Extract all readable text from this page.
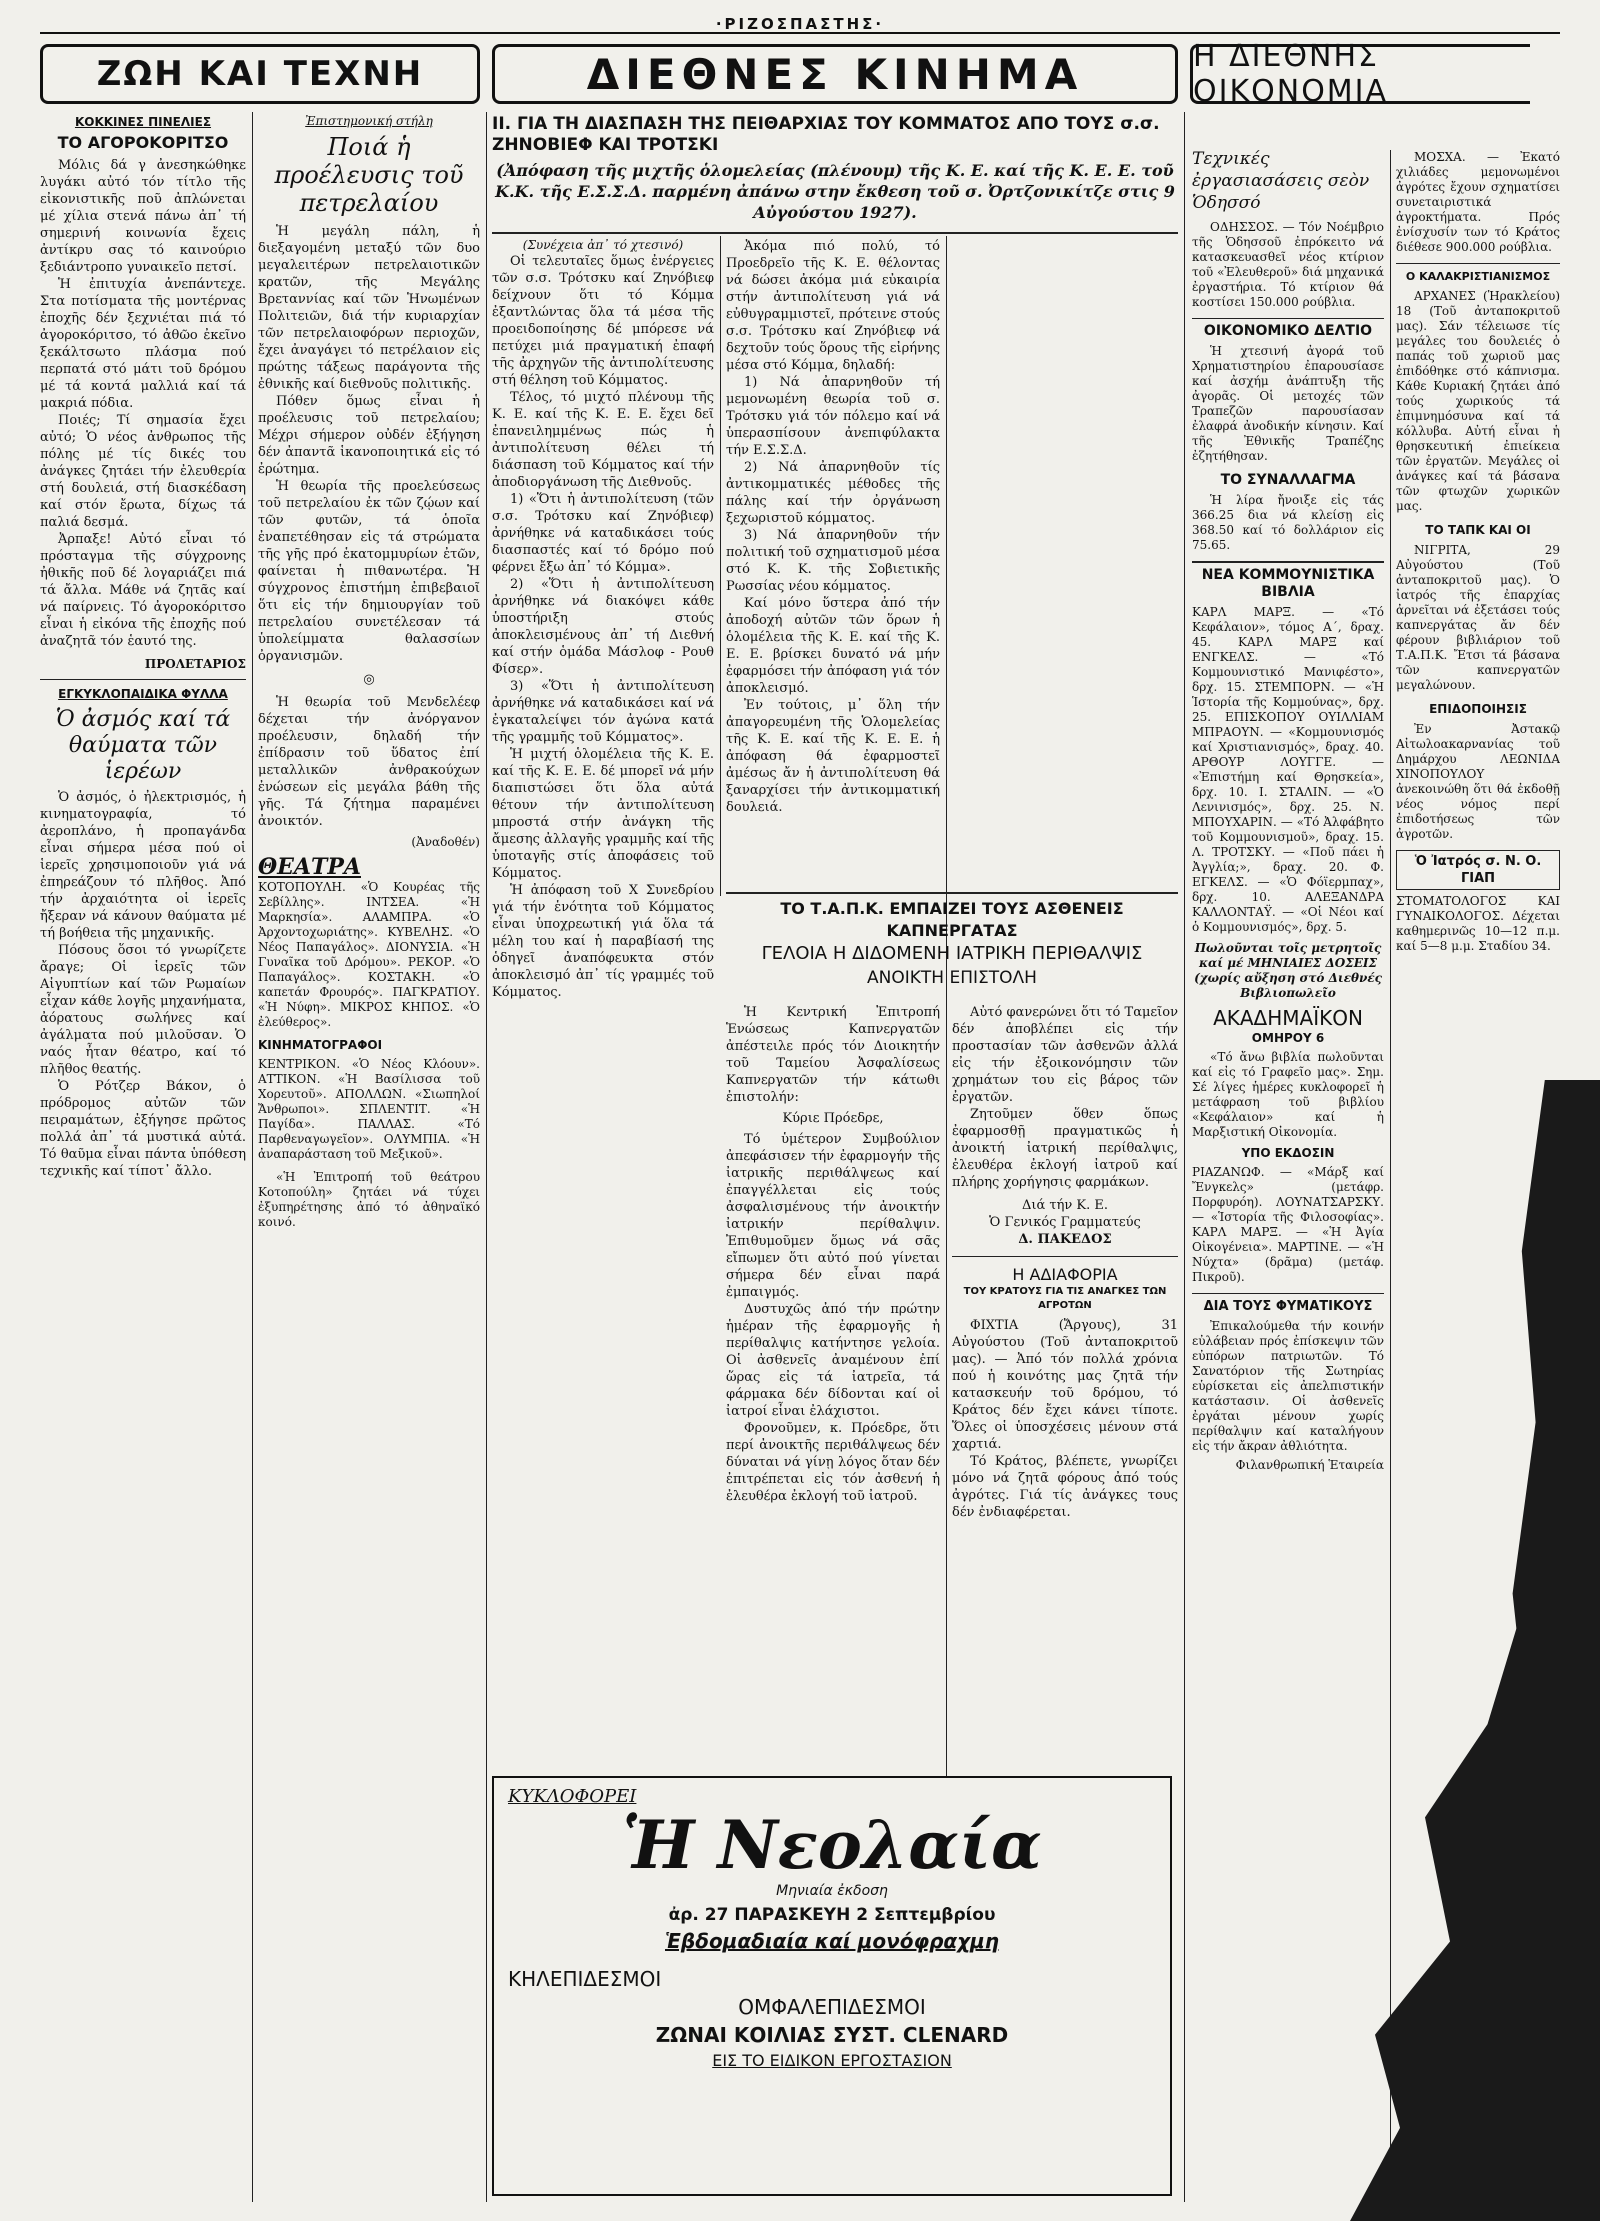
·ΡΙΖΟΣΠΑΣΤΗΣ·
ΖΩΗ ΚΑΙ ΤΕΧΝΗ	ΔΙΕΘΝΕΣ ΚΙΝΗΜΑ	Η ΔΙΕΘΝΗΣ ΟΙΚΟΝΟΜΙΑ
ΚΟΚΚΙΝΕΣ ΠΙΝΕΛΙΕΣ
ΤΟ ΑΓΟΡΟΚΟΡΙΤΣΟ

Μόλις δά γ ἀνεσηκώθηκε λυγάκι αὐτό τόν τίτλο τῆς εἰκονιστικῆς ποῦ ἀπλώνεται μέ χίλια στενά πάνω ἀπ᾿ τή σημερινή κοινωνία ἔχεις ἀντίκρυ σας τό καινούριο ξεδιάντροπο γυναικεῖο πετσί.

Ἡ ἐπιτυχία ἀνεπάντεχε. Στα ποτίσματα τῆς μοντέρνας ἐποχῆς δέν ξεχνιέται πιά τό ἀγοροκόριτσο, τό ἀθῶο ἐκεῖνο ξεκάλτσωτο πλάσμα πού περπατά στό μάτι τοῦ δρόμου μέ τά κοντά μαλλιά καί τά μακριά πόδια.

Ποιές; Τί σημασία ἔχει αὐτό; Ὁ νέος ἀνθρωπος τῆς πόλης μέ τίς δικές του ἀνάγκες ζητάει τήν ἐλευθερία στή δουλειά, στή διασκέδαση καί στόν ἔρωτα, δίχως τά παλιά δεσμά.

Ἀρπαξε! Αὐτό εἶναι τό πρόσταγμα τῆς σύγχρονης ἠθικῆς ποῦ δέ λογαριάζει πιά τά ἄλλα. Μάθε νά ζητᾶς καί νά παίρνεις. Τό ἀγοροκόριτσο εἶναι ἡ εἰκόνα τῆς ἐποχῆς πού ἀναζητᾶ τόν ἑαυτό της.

ΠΡΟΛΕΤΑΡΙΟΣ
ΕΓΚΥΚΛΟΠΑΙΔΙΚΑ ΦΥΛΛΑ
Ὁ ἀσμός καί τά θαύματα τῶν ἱερέων

Ὁ ἀσμός, ὁ ἠλεκτρισμός, ἡ κινηματογραφία, τό ἀεροπλάνο, ἡ προπαγάνδα εἶναι σήμερα μέσα πού οἱ ἱερεῖς χρησιμοποιοῦν γιά νά ἐπηρεάζουν τό πλῆθος. Ἀπό τήν ἀρχαιότητα οἱ ἱερεῖς ἤξεραν νά κάνουν θαύματα μέ τή βοήθεια τῆς μηχανικῆς.

Πόσους ὅσοι τό γνωρίζετε ἄραγε; Οἱ ἱερεῖς τῶν Αἰγυπτίων καί τῶν Ρωμαίων εἶχαν κάθε λογῆς μηχανήματα, ἀόρατους σωλήνες καί ἀγάλματα πού μιλοῦσαν. Ὁ ναός ἦταν θέατρο, καί τό πλῆθος θεατής.

Ὁ Ρότζερ Βάκον, ὁ πρόδρομος αὐτῶν τῶν πειραμάτων, ἐξήγησε πρῶτος πολλά ἀπ᾿ τά μυστικά αὐτά. Τό θαῦμα εἶναι πάντα ὑπόθεση τεχνικῆς καί τίποτ᾿ ἄλλο.

Ἐπιστημονική στήλη
Ποιά ἡ προέλευσις τοῦ πετρελαίου

Ἡ μεγάλη πάλη, ἡ διεξαγομένη μεταξύ τῶν δυο μεγαλειτέρων πετρελαιοτικῶν κρατῶν, τῆς Μεγάλης Βρεταννίας καί τῶν Ἡνωμένων Πολιτειῶν, διά τήν κυριαρχίαν τῶν πετρελαιοφόρων περιοχῶν, ἔχει ἀναγάγει τό πετρέλαιον εἰς πρώτης τάξεως παράγοντα τῆς ἐθνικῆς καί διεθνοῦς πολιτικῆς.

Πόθεν ὅμως εἶναι ἡ προέλευσις τοῦ πετρελαίου; Μέχρι σήμερον οὐδέν ἐξήγηση δέν ἀπαντᾶ ἱκανοποιητικά εἰς τό ἐρώτημα.

Ἡ θεωρία τῆς προελεύσεως τοῦ πετρελαίου ἐκ τῶν ζῴων καί τῶν φυτῶν, τά ὁποῖα ἐναπετέθησαν εἰς τά στρώματα τῆς γῆς πρό ἑκατομμυρίων ἐτῶν, φαίνεται ἡ πιθανωτέρα. Ἡ σύγχρονος ἐπιστήμη ἐπιβεβαιοῖ ὅτι εἰς τήν δημιουργίαν τοῦ πετρελαίου συνετέλεσαν τά ὑπολείμματα θαλασσίων ὀργανισμῶν.

◎

Ἡ θεωρία τοῦ Μενδελέεφ δέχεται τήν ἀνόργανον προέλευσιν, δηλαδή τήν ἐπίδρασιν τοῦ ὕδατος ἐπί μεταλλικῶν ἀνθρακούχων ἐνώσεων εἰς μεγάλα βάθη τῆς γῆς. Τά ζήτημα παραμένει ἀνοικτόν.

(Ἀναδοθέν)
ΘΕΑΤΡΑ

ΚΟΤΟΠΟΥΛΗ. «Ὁ Κουρέας τῆς Σεβίλλης». ΙΝΤΣΕΑ. «Ἡ Μαρκησία». ΑΛΑΜΠΡΑ. «Ὁ Ἀρχοντοχωριάτης». ΚΥΒΕΛΗΣ. «Ὁ Νέος Παπαγάλος». ΔΙΟΝΥΣΙΑ. «Ἡ Γυναῖκα τοῦ Δρόμου». ΡΕΚΟΡ. «Ὁ Παπαγάλος». ΚΟΣΤΑΚΗ. «Ὁ καπετάν Φρουρός». ΠΑΓΚΡΑΤΙΟΥ. «Ἡ Νύφη». ΜΙΚΡΟΣ ΚΗΠΟΣ. «Ὁ ἐλεύθερος».

ΚΙΝΗΜΑΤΟΓΡΑΦΟΙ

ΚΕΝΤΡΙΚΟΝ. «Ὁ Νέος Κλόουν». ΑΤΤΙΚΟΝ. «Ἡ Βασίλισσα τοῦ Χορευτοῦ». ΑΠΟΛΛΩΝ. «Σιωπηλοί Ἄνθρωποι». ΣΠΛΕΝΤΙΤ. «Ἡ Παγίδα». ΠΑΛΛΑΣ. «Τό Παρθεναγωγεῖον». ΟΛΥΜΠΙΑ. «Ἡ ἀναπαράσταση τοῦ Μεξικοῦ».

«Ἡ Ἐπιτροπή τοῦ θεάτρου Κοτοπούλη» ζητάει νά τύχει ἐξυπηρέτησης ἀπό τό ἀθηναϊκό κοινό.

II. ΓΙΑ ΤΗ ΔΙΑΣΠΑΣΗ ΤΗΣ ΠΕΙΘΑΡΧΙΑΣ ΤΟΥ ΚΟΜΜΑΤΟΣ ΑΠΟ ΤΟΥΣ σ.σ. ΖΗΝΟΒΙΕΦ ΚΑΙ ΤΡΟΤΣΚΙ
(Ἀπόφαση τῆς μιχτῆς ὁλομελείας (πλένουμ) τῆς Κ. Ε. καί τῆς Κ. Ε. Ε. τοῦ Κ.Κ. τῆς Ε.Σ.Σ.Δ. παρμένη ἀπάνω στην ἔκθεση τοῦ σ. Ὀρτζονικίτζε στις 9 Αὐγούστου 1927).
(Συνέχεια ἀπ᾿ τό χτεσινό)

Οἱ τελευταῖες ὅμως ἐνέργειες τῶν σ.σ. Τρότσκυ καί Ζηνόβιεφ δείχνουν ὅτι τό Κόμμα ἐξαντλώντας ὅλα τά μέσα τῆς προειδοποίησης δέ μπόρεσε νά πετύχει μιά πραγματική ἐπαφή τῆς ἀρχηγῶν τῆς ἀντιπολίτευσης στή θέληση τοῦ Κόμματος.

Τέλος, τό μιχτό πλένουμ τῆς Κ. Ε. καί τῆς Κ. Ε. Ε. ἔχει δεῖ ἐπανειλημμένως πώς ἡ ἀντιπολίτευση θέλει τή διάσπαση τοῦ Κόμματος καί τήν ἀποδιοργάνωση τῆς Διεθνοῦς.

1) «Ὅτι ἡ ἀντιπολίτευση (τῶν σ.σ. Τρότσκυ καί Ζηνόβιεφ) ἀρνήθηκε νά καταδικάσει τούς διασπαστές καί τό δρόμο πού φέρνει ἔξω ἀπ᾿ τό Κόμμα».

2) «Ὅτι ἡ ἀντιπολίτευση ἀρνήθηκε νά διακόψει κάθε ὑποστήριξη στούς ἀποκλεισμένους ἀπ᾿ τή Διεθνή καί στήν ὁμάδα Μάσλοφ - Ρουθ Φίσερ».

3) «Ὅτι ἡ ἀντιπολίτευση ἀρνήθηκε νά καταδικάσει καί νά ἐγκαταλείψει τόν ἀγώνα κατά τῆς γραμμῆς τοῦ Κόμματος».

Ἡ μιχτή ὁλομέλεια τῆς Κ. Ε. καί τῆς Κ. Ε. Ε. δέ μπορεῖ νά μήν διαπιστώσει ὅτι ὅλα αὐτά θέτουν τήν ἀντιπολίτευση μπροστά στήν ἀνάγκη τῆς ἄμεσης ἀλλαγῆς γραμμῆς καί τῆς ὑποταγῆς στίς ἀποφάσεις τοῦ Κόμματος.

Ἡ ἀπόφαση τοῦ Χ Συνεδρίου γιά τήν ἑνότητα τοῦ Κόμματος εἶναι ὑποχρεωτική γιά ὅλα τά μέλη του καί ἡ παραβίασή της ὁδηγεῖ ἀναπόφευκτα στόν ἀποκλεισμό ἀπ᾿ τίς γραμμές τοῦ Κόμματος.

Ἀκόμα πιό πολύ, τό Προεδρεῖο τῆς Κ. Ε. θέλοντας νά δώσει ἀκόμα μιά εὐκαιρία στήν ἀντιπολίτευση γιά νά εὐθυγραμμιστεῖ, πρότεινε στούς σ.σ. Τρότσκυ καί Ζηνόβιεφ νά δεχτοῦν τούς ὅρους τῆς εἰρήνης μέσα στό Κόμμα, δηλαδή:

1) Νά ἀπαρνηθοῦν τή μεμονωμένη θεωρία τοῦ σ. Τρότσκυ γιά τόν πόλεμο καί νά ὑπερασπίσουν ἀνεπιφύλακτα τήν Ε.Σ.Σ.Δ.

2) Νά ἀπαρνηθοῦν τίς ἀντικομματικές μέθοδες τῆς πάλης καί τήν ὀργάνωση ξεχωριστοῦ κόμματος.

3) Νά ἀπαρνηθοῦν τήν πολιτική τοῦ σχηματισμοῦ μέσα στό Κ. Κ. τῆς Σοβιετικῆς Ρωσσίας νέου κόμματος.

Καί μόνο ὕστερα ἀπό τήν ἀποδοχή αὐτῶν τῶν ὅρων ἡ ὁλομέλεια τῆς Κ. Ε. καί τῆς Κ. Ε. Ε. βρίσκει δυνατό νά μήν ἐφαρμόσει τήν ἀπόφαση γιά τόν ἀποκλεισμό.

Ἐν τούτοις, μ᾿ ὅλη τήν ἀπαγορευμένη τῆς Ὁλομελείας τῆς Κ. Ε. καί τῆς Κ. Ε. Ε. ἡ ἀπόφαση θά ἐφαρμοστεῖ ἀμέσως ἄν ἡ ἀντιπολίτευση θά ξαναρχίσει τήν ἀντικομματική δουλειά.

ΤΟ Τ.Α.Π.Κ. ΕΜΠΑΙΖΕΙ ΤΟΥΣ ΑΣΘΕΝΕΙΣ ΚΑΠΝΕΡΓΑΤΑΣ
ΓΕΛΟΙΑ Η ΔΙΔΟΜΕΝΗ ΙΑΤΡΙΚΗ ΠΕΡΙΘΑΛΨΙΣ
ΑΝΟΙΚΤΗ ΕΠΙΣΤΟΛΗ

Ἡ Κεντρική Ἐπιτροπή Ἑνώσεως Καπνεργατῶν ἀπέστειλε πρός τόν Διοικητήν τοῦ Ταμείου Ἀσφαλίσεως Καπνεργατῶν τήν κάτωθι ἐπιστολήν:

Κύριε Πρόεδρε,

Τό ὑμέτερον Συμβούλιον ἀπεφάσισεν τήν ἐφαρμογήν τῆς ἰατρικῆς περιθάλψεως καί ἐπαγγέλλεται εἰς τούς ἀσφαλισμένους τήν ἀνοικτήν ἰατρικήν περίθαλψιν. Ἐπιθυμοῦμεν ὅμως νά σᾶς εἴπωμεν ὅτι αὐτό πού γίνεται σήμερα δέν εἶναι παρά ἐμπαιγμός.

Δυστυχῶς ἀπό τήν πρώτην ἡμέραν τῆς ἐφαρμογῆς ἡ περίθαλψις κατήντησε γελοία. Οἱ ἀσθενεῖς ἀναμένουν ἐπί ὥρας εἰς τά ἰατρεῖα, τά φάρμακα δέν δίδονται καί οἱ ἰατροί εἶναι ἐλάχιστοι.

Φρονοῦμεν, κ. Πρόεδρε, ὅτι περί ἀνοικτῆς περιθάλψεως δέν δύναται νά γίνῃ λόγος ὅταν δέν ἐπιτρέπεται εἰς τόν ἀσθενή ἡ ἐλευθέρα ἐκλογή τοῦ ἰατροῦ.

Αὐτό φανερώνει ὅτι τό Ταμεῖον δέν ἀποβλέπει εἰς τήν προστασίαν τῶν ἀσθενῶν ἀλλά εἰς τήν ἐξοικονόμησιν τῶν χρημάτων του εἰς βάρος τῶν ἐργατῶν.

Ζητοῦμεν ὅθεν ὅπως ἐφαρμοσθῇ πραγματικῶς ἡ ἀνοικτή ἰατρική περίθαλψις, ἐλευθέρα ἐκλογή ἰατροῦ καί πλήρης χορήγησις φαρμάκων.

Διά τήν Κ. Ε.
Ὁ Γενικός Γραμματεύς
Δ. ΠΑΚΕΔΟΣ
Η ΑΔΙΑΦΟΡΙΑ
ΤΟΥ ΚΡΑΤΟΥΣ ΓΙΑ ΤΙΣ ΑΝΑΓΚΕΣ ΤΩΝ ΑΓΡΟΤΩΝ

ΦΙΧΤΙΑ (Ἄργους), 31 Αὐγούστου (Τοῦ ἀνταποκριτοῦ μας). — Ἀπό τόν πολλά χρόνια πού ἡ κοινότης μας ζητᾶ τήν κατασκευήν τοῦ δρόμου, τό Κράτος δέν ἔχει κάνει τίποτε. Ὅλες οἱ ὑποσχέσεις μένουν στά χαρτιά.

Τό Κράτος, βλέπετε, γνωρίζει μόνο νά ζητᾶ φόρους ἀπό τούς ἀγρότες. Γιά τίς ἀνάγκες τους δέν ἐνδιαφέρεται.

ΚΥΚΛΟΦΟΡΕΙ
Ἡ Νεολαία
Μηνιαία ἐκδοση
ἀρ. 27 ΠΑΡΑΣΚΕΥΗ 2 Σεπτεμβρίου
Ἑβδομαδιαία καί μονόφραχμη
ΚΗΛΕΠΙΔΕΣΜΟΙ
ΟΜΦΑΛΕΠΙΔΕΣΜΟΙ
ΖΩΝΑΙ ΚΟΙΛΙΑΣ ΣΥΣΤ. CLENARD
ΕΙΣ ΤΟ ΕΙΔΙΚΟΝ ΕΡΓΟΣΤΑΣΙΟΝ
Τεχνικές ἐργασιασάσεις σεὸν Ὁδησσό

ΟΔΗΣΣΟΣ. — Τόν Νοέμβριο τῆς Ὁδησσοῦ ἐπρόκειτο νά κατασκευασθεῖ νέος κτίριον τοῦ «Ἐλευθεροῦ» διά μηχανικά ἐργαστήρια. Τό κτίριον θά κοστίσει 150.000 ρούβλια.

ΟΙΚΟΝΟΜΙΚΟ ΔΕΛΤΙΟ

Ἡ χτεσινή ἀγορά τοῦ Χρηματιστηρίου ἐπαρουσίασε καί ἀσχήμ ἀνάπτυξη τῆς ἀγορᾶς. Οἱ μετοχές τῶν Τραπεζῶν παρουσίασαν ἐλαφρά ἀνοδικήν κίνησιν. Καί τῆς Ἐθνικῆς Τραπέζης ἐζητήθησαν.

ΤΟ ΣΥΝΑΛΛΑΓΜΑ

Ἡ λίρα ἤνοιξε εἰς τάς 366.25 δια νά κλείσῃ εἰς 368.50 καί τό δολλάριον εἰς 75.65.

ΝΕΑ ΚΟΜΜΟΥΝΙΣΤΙΚΑ ΒΙΒΛΙΑ

ΚΑΡΛ ΜΑΡΞ. — «Τό Κεφάλαιον», τόμος Α΄, δραχ. 45. ΚΑΡΛ ΜΑΡΞ καί ΕΝΓΚΕΛΣ. — «Τό Κομμουνιστικό Μανιφέστο», δρχ. 15. ΣΤΕΜΠΟΡΝ. — «Ἡ Ἱστορία τῆς Κομμούνας», δρχ. 25. ΕΠΙΣΚΟΠΟΥ ΟΥΙΛΛΙΑΜ ΜΠΡΑΟΥΝ. — «Κομμουνισμός καί Χριστιανισμός», δραχ. 40. ΑΡΘΟΥΡ ΛΟΥΓΓΕ. — «Ἐπιστήμη καί Θρησκεία», δρχ. 10. Ι. ΣΤΑΛΙΝ. — «Ὁ Λενινισμός», δρχ. 25. Ν. ΜΠΟΥΧΑΡΙΝ. — «Τό Ἀλφάβητο τοῦ Κομμουνισμοῦ», δραχ. 15. Λ. ΤΡΟΤΣΚΥ. — «Ποῦ πάει ἡ Ἀγγλία;», δραχ. 20. Φ. ΕΓΚΕΛΣ. — «Ὁ Φόϊερμπαχ», δρχ. 10. ΑΛΕΞΑΝΔΡΑ ΚΑΛΛΟΝΤΑΫ. — «Οἱ Νέοι καί ὁ Κομμουνισμός», δρχ. 5.

Πωλοῦνται τοῖς μετρητοῖς καί μέ ΜΗΝΙΑΙΕΣ ΔΟΣΕΙΣ (χωρίς αὔξηση στό Διεθνές Βιβλιοπωλεῖο

ΑΚΑΔΗΜΑΪΚΟΝ
ΟΜΗΡΟΥ 6

«Τό ἄνω βιβλία πωλοῦνται καί εἰς τό Γραφεῖο μας». Σημ. Σέ λίγες ἡμέρες κυκλοφορεῖ ἡ μετάφραση τοῦ βιβλίου «Κεφάλαιον» καί ἡ Μαρξιστική Οἰκονομία.

ΥΠΟ ΕΚΔΟΣΙΝ

ΡΙΑΖΑΝΩΦ. — «Μάρξ καί Ἔνγκελς» (μετάφρ. Πορφυρόη). ΛΟΥΝΑΤΣΑΡΣΚΥ. — «Ἱστορία τῆς Φιλοσοφίας». ΚΑΡΛ ΜΑΡΞ. — «Ἡ Ἀγία Οἰκογένεια». ΜΑΡΤΙΝΕ. — «Ἡ Νύχτα» (δρᾶμα) (μετάφ. Πικροῦ).

ΔΙΑ ΤΟΥΣ ΦΥΜΑΤΙΚΟΥΣ

Ἐπικαλούμεθα τήν κοινήν εὐλάβειαν πρός ἐπίσκεψιν τῶν εὐπόρων πατριωτῶν. Τό Σανατόριον τῆς Σωτηρίας εὑρίσκεται εἰς ἀπελπιστικήν κατάστασιν. Οἱ ἀσθενεῖς ἐργάται μένουν χωρίς περίθαλψιν καί καταλήγουν εἰς τήν ἄκραν ἀθλιότητα.

Φιλανθρωπική Ἑταιρεία

ΜΟΣΧΑ. — Ἐκατό χιλιάδες μεμονωμένοι ἀγρότες ἔχουν σχηματίσει συνεταιριστικά ἀγροκτήματα. Πρός ἐνίσχυσίν των τό Κράτος διέθεσε 900.000 ρούβλια.

Ο ΚΑΛΑΚΡΙΣΤΙΑΝΙΣΜΟΣ

ΑΡΧΑΝΕΣ (Ἡρακλείου) 18 (Τοῦ ἀνταποκριτοῦ μας). Σάν τέλειωσε τίς μεγάλες του δουλειές ὁ παπάς τοῦ χωριοῦ μας ἐπιδόθηκε στό κάπνισμα. Κάθε Κυριακή ζητάει ἀπό τούς χωρικούς τά ἐπιμνημόσυνα καί τά κόλλυβα. Αὐτή εἶναι ἡ θρησκευτική ἐπιείκεια τῶν ἐργατῶν. Μεγάλες οἱ ἀνάγκες καί τά βάσανα τῶν φτωχῶν χωρικῶν μας.

ΤΟ ΤΑΠΚ ΚΑΙ ΟΙ

ΝΙΓΡΙΤΑ, 29 Αὐγούστου (Τοῦ ἀνταποκριτοῦ μας). Ὁ ἰατρός τῆς ἐπαρχίας ἀρνεῖται νά ἐξετάσει τούς καπνεργάτας ἄν δέν φέρουν βιβλιάριον τοῦ Τ.Α.Π.Κ. Ἔτσι τά βάσανα τῶν καπνεργατῶν μεγαλώνουν.

ΕΠΙΔΟΠΟΙΗΣΙΣ

Ἐν Ἀστακῷ Αἰτωλοακαρνανίας τοῦ Δημάρχου ΛΕΩΝΙΔΑ ΧΙΝΟΠΟΥΛΟΥ ἀνεκοινώθη ὅτι θά ἐκδοθῇ νέος νόμος περί ἐπιδοτήσεως τῶν ἀγροτῶν.

Ὁ Ἰατρός σ. Ν. Ο. ΓΙΑΠ

ΣΤΟΜΑΤΟΛΟΓΟΣ ΚΑΙ ΓΥΝΑΙΚΟΛΟΓΟΣ. Δέχεται καθημερινῶς 10—12 π.μ. καί 5—8 μ.μ. Σταδίου 34.
